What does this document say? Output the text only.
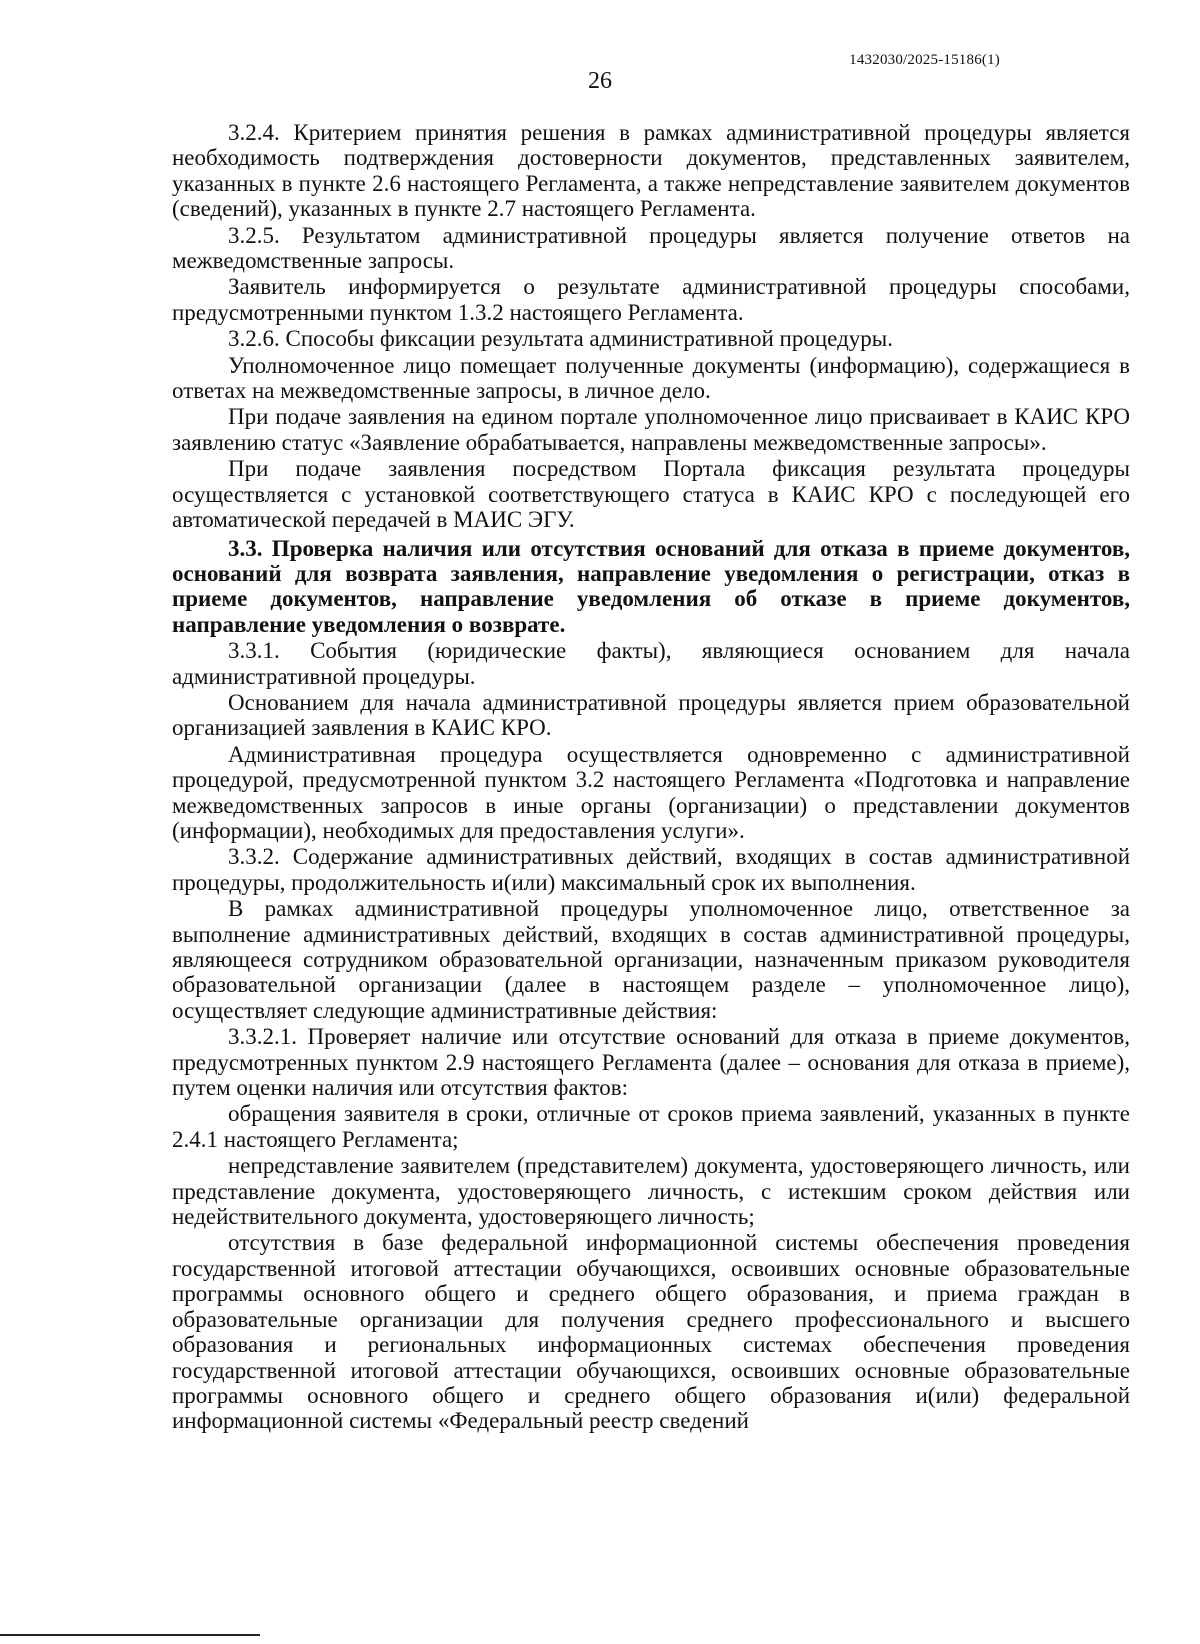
1432030/2025-15186(1)
26

3.2.4. Критерием принятия решения в рамках административной процедуры является необходимость подтверждения достоверности документов, представленных заявителем, указанных в пункте 2.6 настоящего Регламента, а также непредставление заявителем документов (сведений), указанных в пункте 2.7 настоящего Регламента.

3.2.5. Результатом административной процедуры является получение ответов на межведомственные запросы.

Заявитель информируется о результате административной процедуры способами, предусмотренными пунктом 1.3.2 настоящего Регламента.

3.2.6. Способы фиксации результата административной процедуры.

Уполномоченное лицо помещает полученные документы (информацию), содержащиеся в ответах на межведомственные запросы, в личное дело.

При подаче заявления на едином портале уполномоченное лицо присваивает в КАИС КРО заявлению статус «Заявление обрабатывается, направлены межведомственные запросы».

При подаче заявления посредством Портала фиксация результата процедуры осуществляется с установкой соответствующего статуса в КАИС КРО с последующей его автоматической передачей в МАИС ЭГУ.

3.3. Проверка наличия или отсутствия оснований для отказа в приеме документов, оснований для возврата заявления, направление уведомления о регистрации, отказ в приеме документов, направление уведомления об отказе в приеме документов, направление уведомления о возврате.

3.3.1. События (юридические факты), являющиеся основанием для начала административной процедуры.

Основанием для начала административной процедуры является прием образовательной организацией заявления в КАИС КРО.

Административная процедура осуществляется одновременно с административной процедурой, предусмотренной пунктом 3.2 настоящего Регламента «Подготовка и направление межведомственных запросов в иные органы (организации) о представлении документов (информации), необходимых для предоставления услуги».

3.3.2. Содержание административных действий, входящих в состав административной процедуры, продолжительность и(или) максимальный срок их выполнения.

В рамках административной процедуры уполномоченное лицо, ответственное за выполнение административных действий, входящих в состав административной процедуры, являющееся сотрудником образовательной организации, назначенным приказом руководителя образовательной организации (далее в настоящем разделе – уполномоченное лицо), осуществляет следующие административные действия:

3.3.2.1. Проверяет наличие или отсутствие оснований для отказа в приеме документов, предусмотренных пунктом 2.9 настоящего Регламента (далее – основания для отказа в приеме), путем оценки наличия или отсутствия фактов:

обращения заявителя в сроки, отличные от сроков приема заявлений, указанных в пункте 2.4.1 настоящего Регламента;

непредставление заявителем (представителем) документа, удостоверяющего личность, или представление документа, удостоверяющего личность, с истекшим сроком действия или недействительного документа, удостоверяющего личность;

отсутствия в базе федеральной информационной системы обеспечения проведения государственной итоговой аттестации обучающихся, освоивших основные образовательные программы основного общего и среднего общего образования, и приема граждан в образовательные организации для получения среднего профессионального и высшего образования и региональных информационных системах обеспечения проведения государственной итоговой аттестации обучающихся, освоивших основные образовательные программы основного общего и среднего общего образования и(или) федеральной информационной системы «Федеральный реестр сведений
